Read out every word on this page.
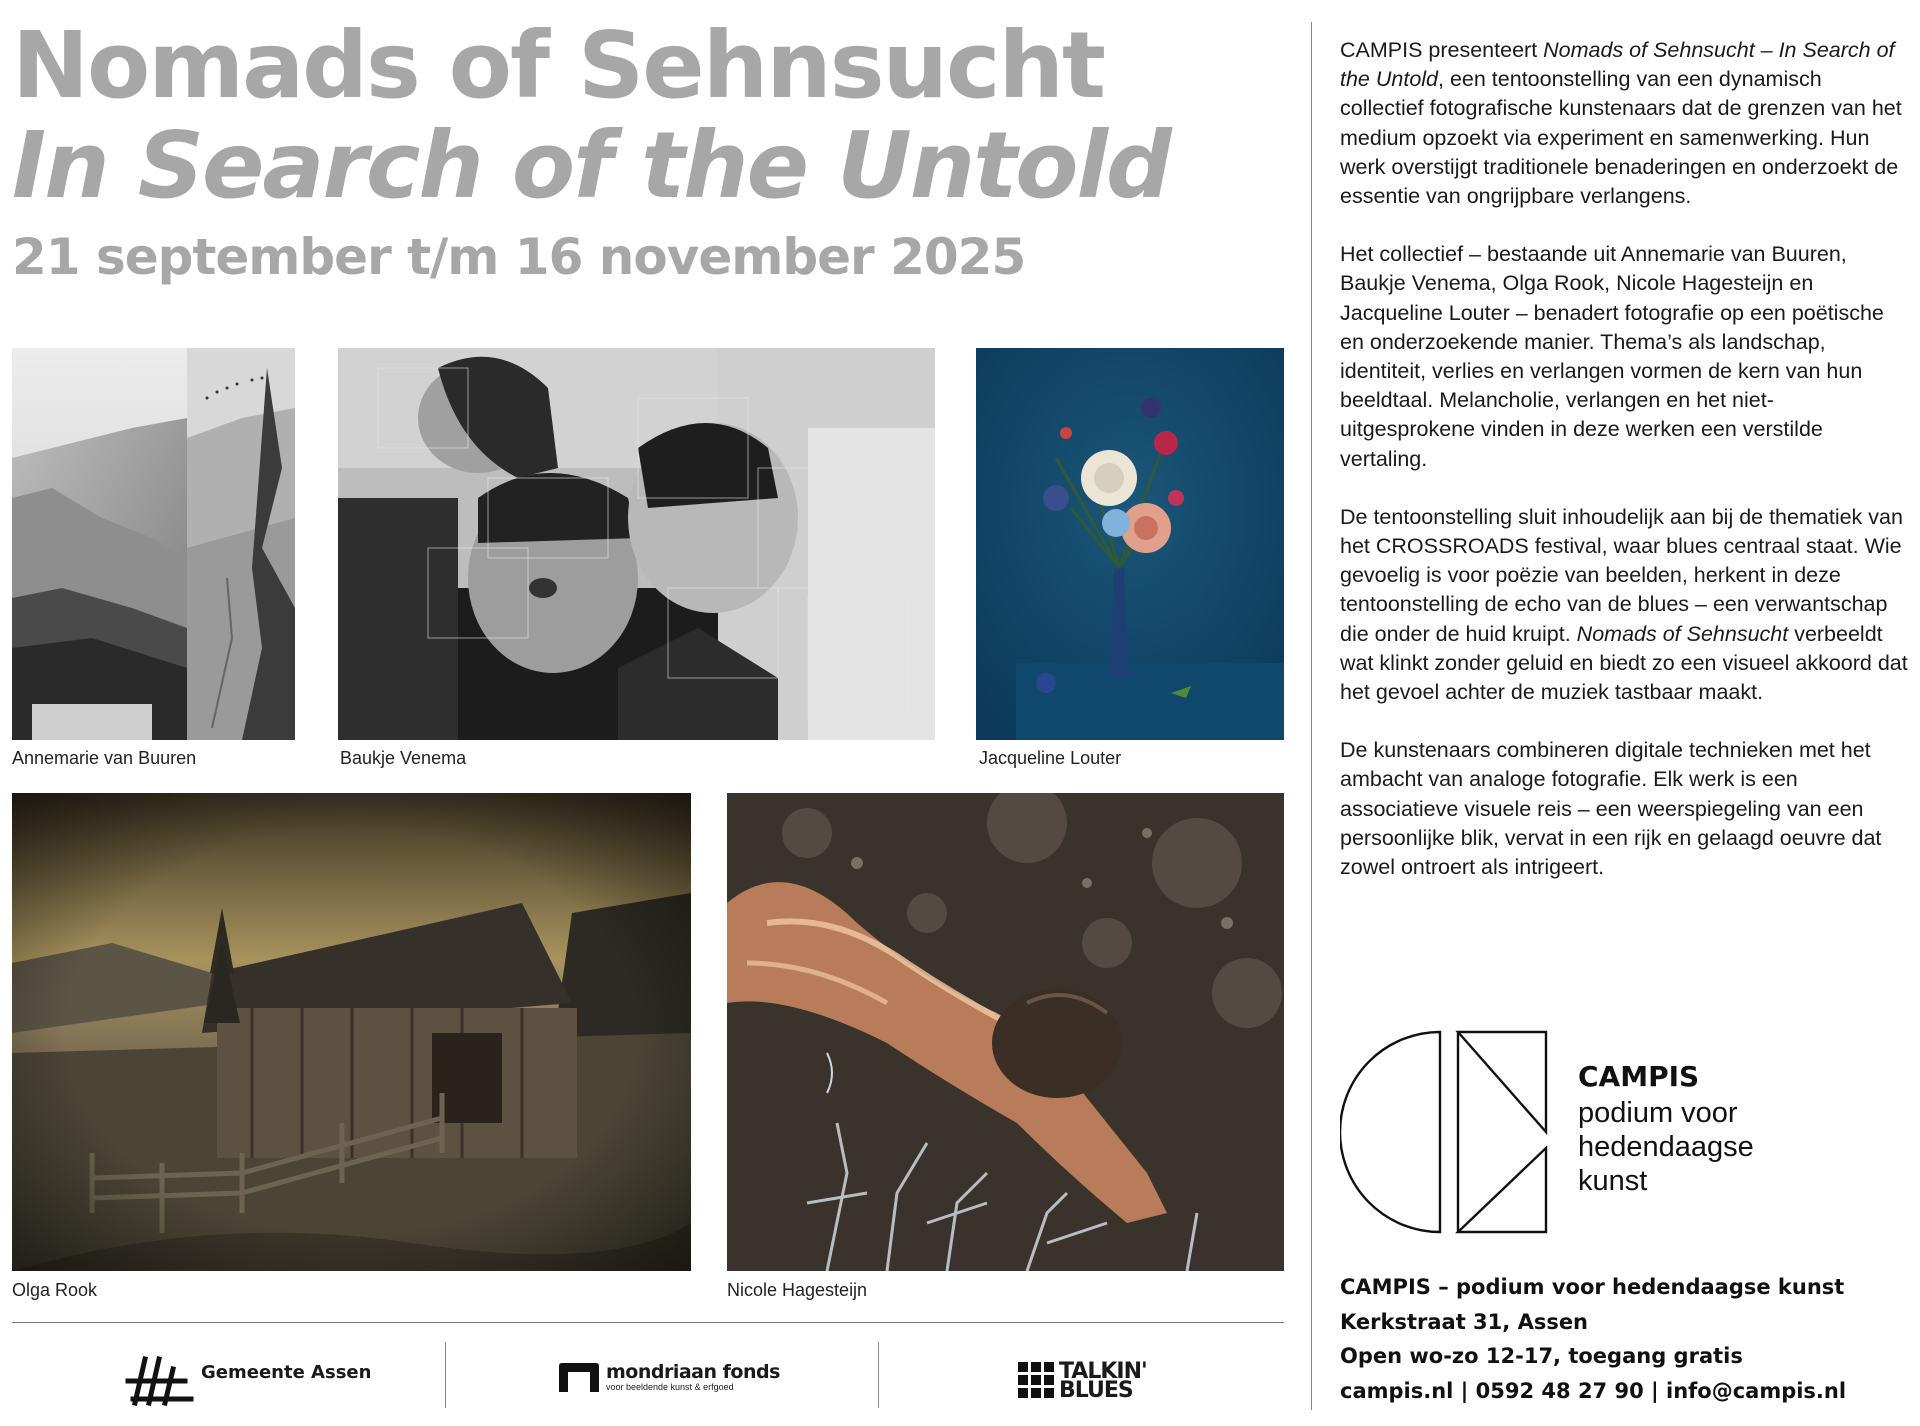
Nomads of Sehnsucht
In Search of the Untold
21 september t/m 16 november 2025
Annemarie van Buuren	Baukje Venema	Jacqueline Louter
Olga Rook	Nicole Hagesteijn
Gemeente Assen	mondriaan fonds
voor beeldende kunst & erfgoed
TALKIN'
BLUES

CAMPIS presenteert Nomads of Sehnsucht – In Search of the Untold, een tentoonstelling van een dynamisch collectief fotografische kunstenaars dat de grenzen van het medium opzoekt via experiment en samenwerking. Hun werk overstijgt traditionele benaderingen en onderzoekt de essentie van ongrijpbare verlangens.

Het collectief – bestaande uit Annemarie van Buuren, Baukje Venema, Olga Rook, Nicole Hagesteijn en Jacqueline Louter – benadert fotografie op een poëtische en onderzoekende manier. Thema’s als landschap, identiteit, verlies en verlangen vormen de kern van hun beeldtaal. Melancholie, verlangen en het niet-uitgesprokene vinden in deze werken een verstilde vertaling.

De tentoonstelling sluit inhoudelijk aan bij de thematiek van het CROSSROADS festival, waar blues centraal staat. Wie gevoelig is voor poëzie van beelden, herkent in deze tentoonstelling de echo van de blues – een verwantschap die onder de huid kruipt. Nomads of Sehnsucht verbeeldt wat klinkt zonder geluid en biedt zo een visueel akkoord dat het gevoel achter de muziek tastbaar maakt.

De kunstenaars combineren digitale technieken met het ambacht van analoge fotografie. Elk werk is een associatieve visuele reis – een weerspiegeling van een persoonlijke blik, vervat in een rijk en gelaagd oeuvre dat zowel ontroert als intrigeert.

CAMPIS
podium voor
hedendaagse
kunst
CAMPIS – podium voor hedendaagse kunst
Kerkstraat 31, Assen
Open wo-zo 12-17, toegang gratis
campis.nl | 0592 48 27 90 | info@campis.nl
